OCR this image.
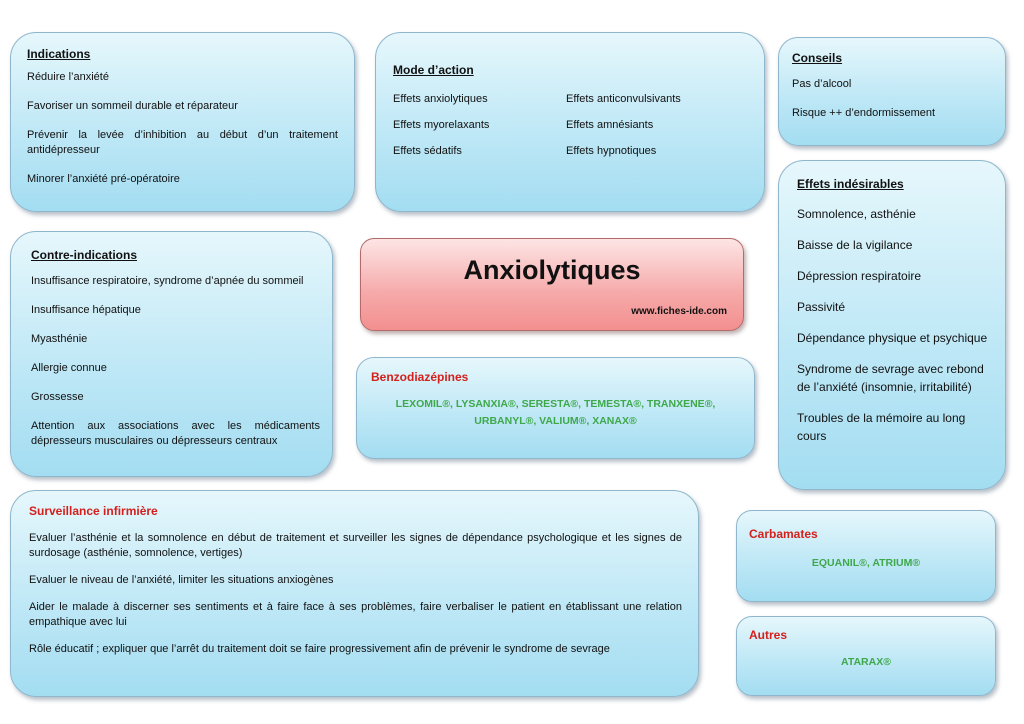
Indications
Réduire l’anxiété
Favoriser un sommeil durable et réparateur
Prévenir la levée d’inhibition au début d’un traitement antidépresseur
Minorer l’anxiété pré-opératoire
Mode d’action
Effets anxiolytiques	Effets anticonvulsivants
Effets myorelaxants	Effets amnésiants
Effets sédatifs	Effets hypnotiques
Conseils
Pas d’alcool
Risque ++ d’endormissement
Effets indésirables
Somnolence, asthénie
Baisse de la vigilance
Dépression respiratoire
Passivité
Dépendance physique et psychique
Syndrome de sevrage avec rebond de l’anxiété (insomnie, irritabilité)
Troubles de la mémoire au long cours
Contre-indications
Insuffisance respiratoire, syndrome d’apnée du sommeil
Insuffisance hépatique
Myasthénie
Allergie connue
Grossesse
Attention aux associations avec les médicaments dépresseurs musculaires ou dépresseurs centraux
Anxiolytiques
www.fiches-ide.com
Benzodiazépines
LEXOMIL®, LYSANXIA®, SERESTA®, TEMESTA®, TRANXENE®, URBANYL®, VALIUM®, XANAX®
Surveillance infirmière
Evaluer l’asthénie et la somnolence en début de traitement et surveiller les signes de dépendance psychologique et les signes de surdosage (asthénie, somnolence, vertiges)
Evaluer le niveau de l’anxiété, limiter les situations anxiogènes
Aider le malade à discerner ses sentiments et à faire face à ses problèmes, faire verbaliser le patient en établissant une relation empathique avec lui
Rôle éducatif ; expliquer que l’arrêt du traitement doit se faire progressivement afin de prévenir le syndrome de sevrage
Carbamates
EQUANIL®, ATRIUM®
Autres
ATARAX®
